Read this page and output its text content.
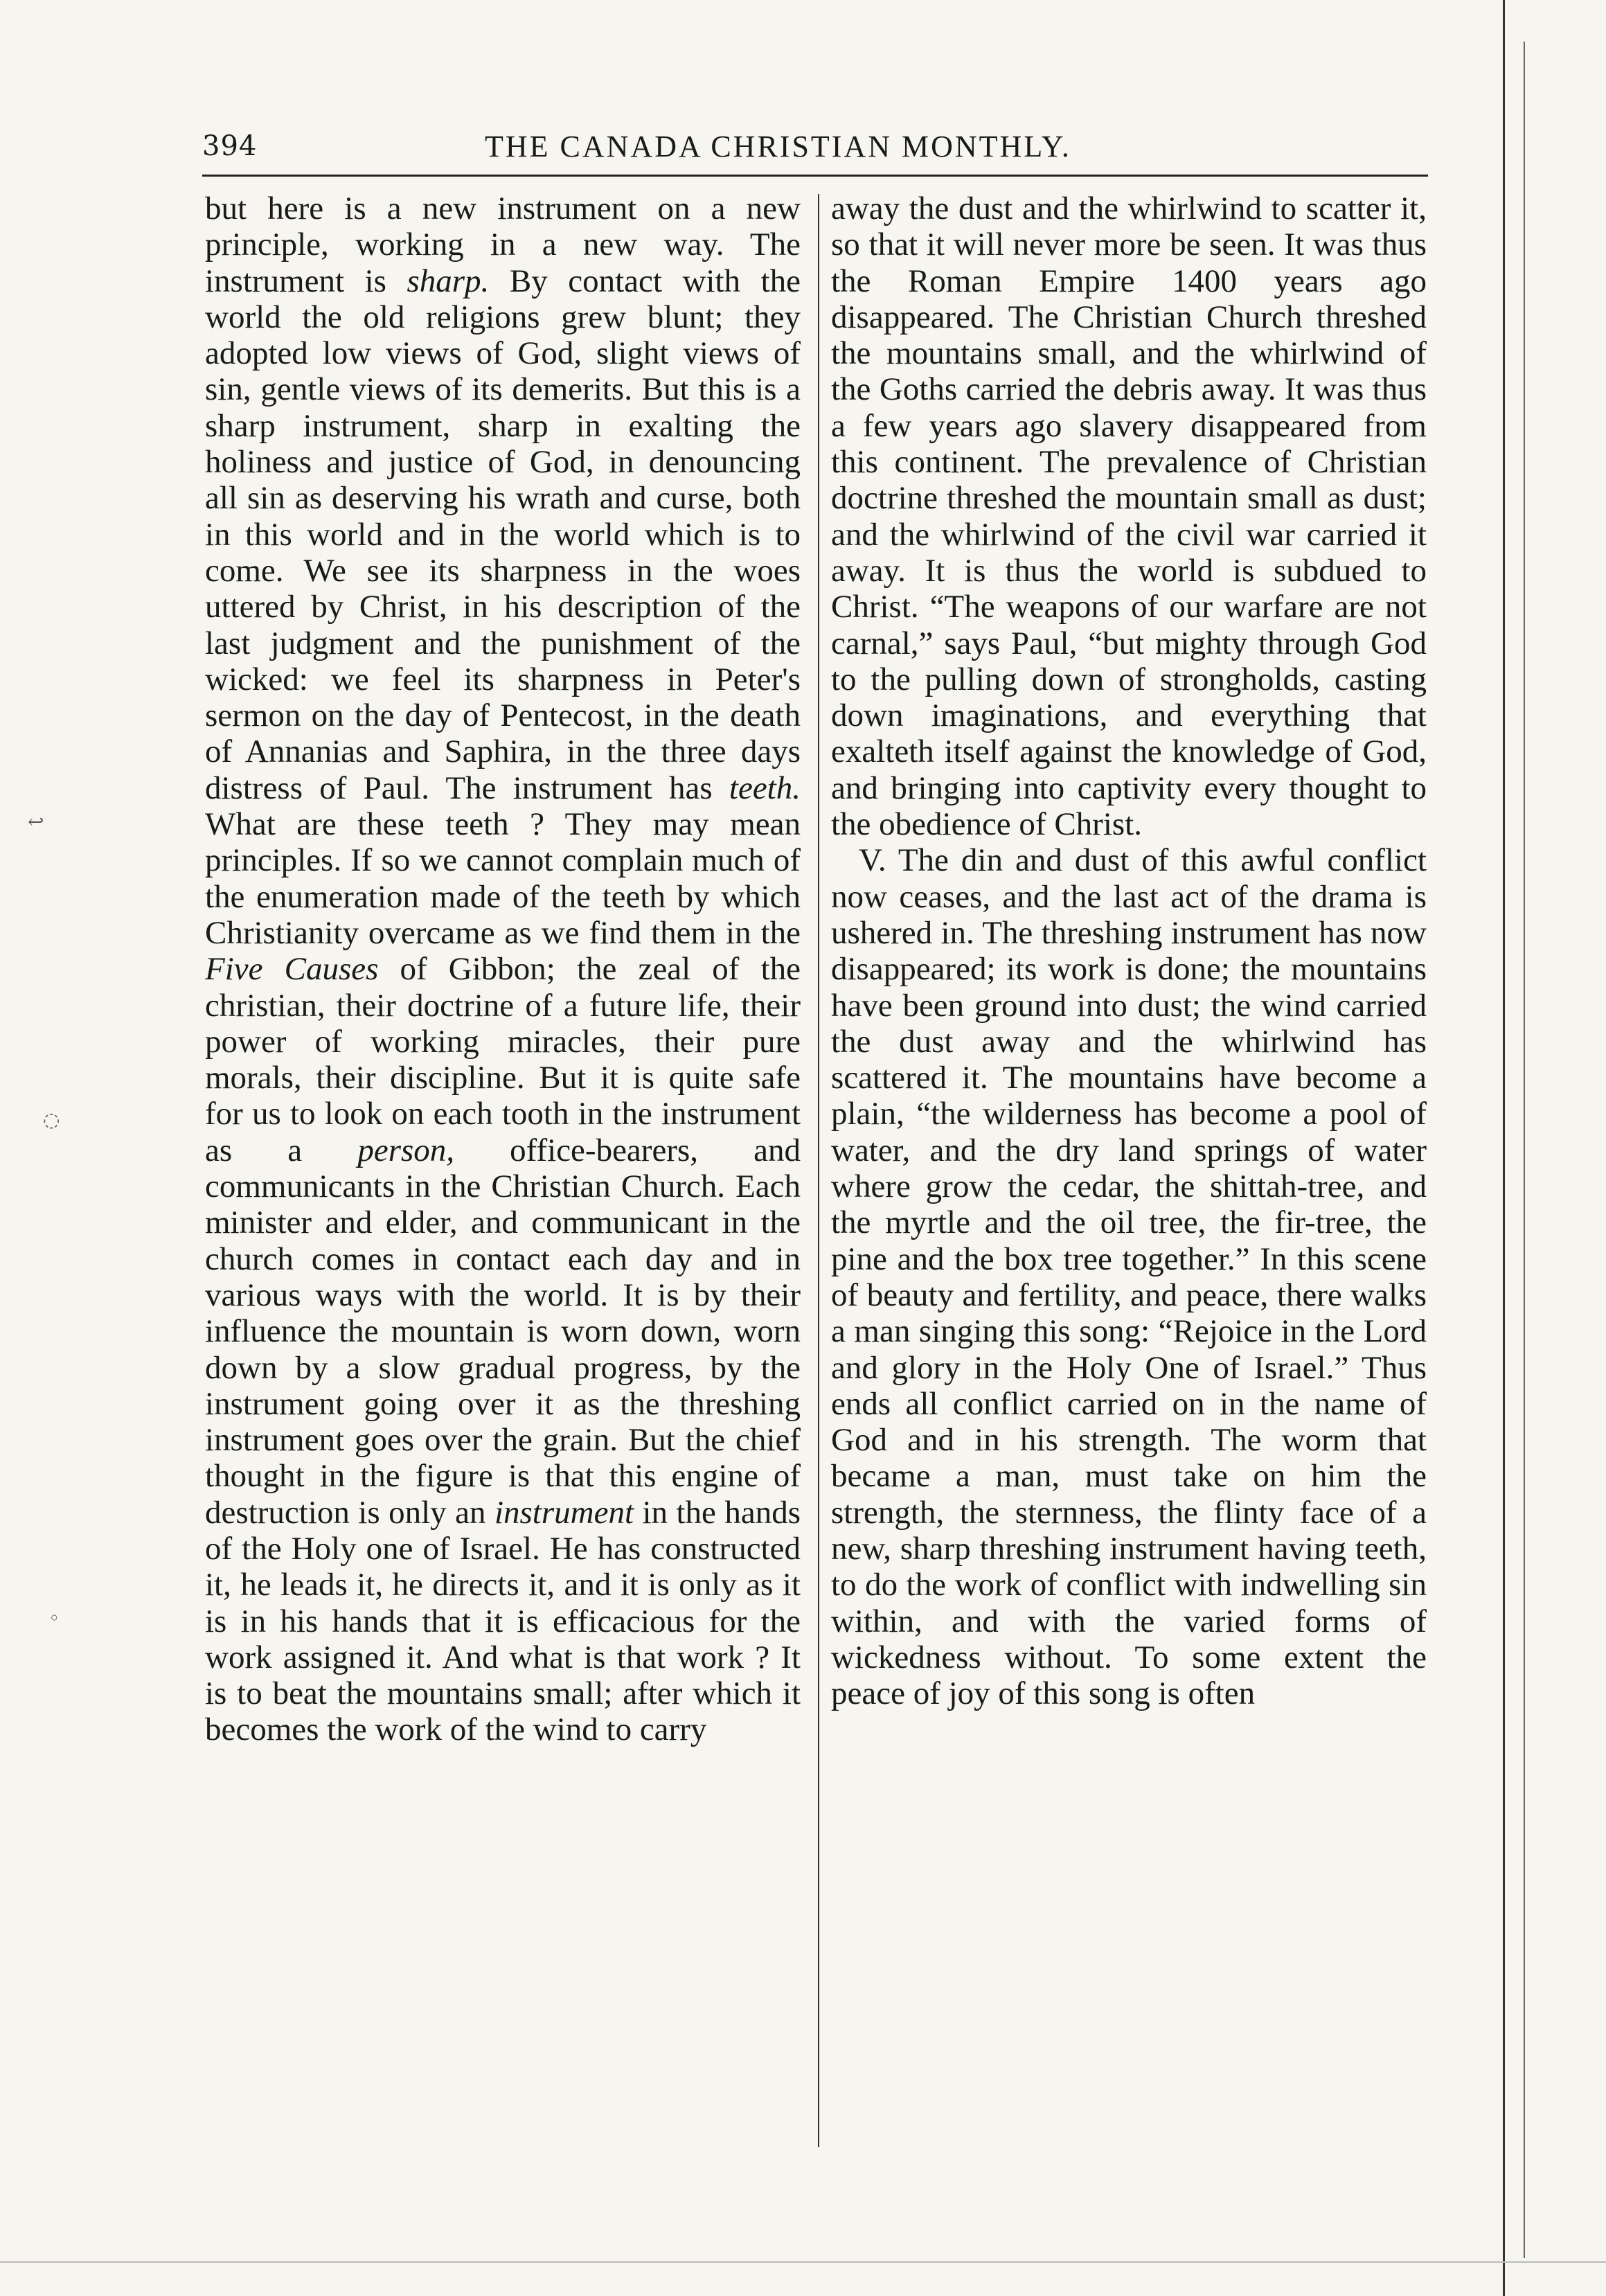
394	THE CANADA CHRISTIAN MONTHLY.

but here is a new instrument on a new principle, working in a new way. The instrument is sharp. By contact with the world the old religions grew blunt; they adopted low views of God, slight views of sin, gentle views of its demerits. But this is a sharp instrument, sharp in exalting the holiness and justice of God, in denouncing all sin as deserving his wrath and curse, both in this world and in the world which is to come. We see its sharpness in the woes uttered by Christ, in his description of the last judgment and the punishment of the wicked: we feel its sharpness in Peter's sermon on the day of Pentecost, in the death of Annanias and Saphira, in the three days distress of Paul. The instrument has teeth. What are these teeth ? They may mean principles. If so we cannot complain much of the enumeration made of the teeth by which Christianity overcame as we find them in the Five Causes of Gibbon; the zeal of the christian, their doctrine of a future life, their power of working miracles, their pure morals, their discipline. But it is quite safe for us to look on each tooth in the instrument as a person, office-bearers, and communicants in the Christian Church. Each minister and elder, and communicant in the church comes in contact each day and in various ways with the world. It is by their influence the mountain is worn down, worn down by a slow gradual progress, by the instrument going over it as the threshing instrument goes over the grain. But the chief thought in the figure is that this engine of destruction is only an instrument in the hands of the Holy one of Israel. He has constructed it, he leads it, he directs it, and it is only as it is in his hands that it is efficacious for the work assigned it. And what is that work ? It is to beat the mountains small; after which it becomes the work of the wind to carry

away the dust and the whirlwind to scatter it, so that it will never more be seen. It was thus the Roman Empire 1400 years ago disappeared. The Christian Church threshed the mountains small, and the whirlwind of the Goths carried the debris away. It was thus a few years ago slavery disappeared from this continent. The prevalence of Christian doctrine threshed the mountain small as dust; and the whirlwind of the civil war carried it away. It is thus the world is subdued to Christ. “The weapons of our warfare are not carnal,” says Paul, “but mighty through God to the pulling down of strongholds, casting down imaginations, and everything that exalteth itself against the knowledge of God, and bringing into captivity every thought to the obedience of Christ.

V. The din and dust of this awful conflict now ceases, and the last act of the drama is ushered in. The threshing instrument has now disappeared; its work is done; the mountains have been ground into dust; the wind carried the dust away and the whirlwind has scattered it. The mountains have become a plain, “the wilderness has become a pool of water, and the dry land springs of water where grow the cedar, the shittah-tree, and the myrtle and the oil tree, the fir-tree, the pine and the box tree together.” In this scene of beauty and fertility, and peace, there walks a man singing this song: “Rejoice in the Lord and glory in the Holy One of Israel.” Thus ends all conflict carried on in the name of God and in his strength. The worm that became a man, must take on him the strength, the sternness, the flinty face of a new, sharp threshing instrument having teeth, to do the work of conflict with indwelling sin within, and with the varied forms of wickedness without. To some extent the peace of joy of this song is often

↩
◌
◦
